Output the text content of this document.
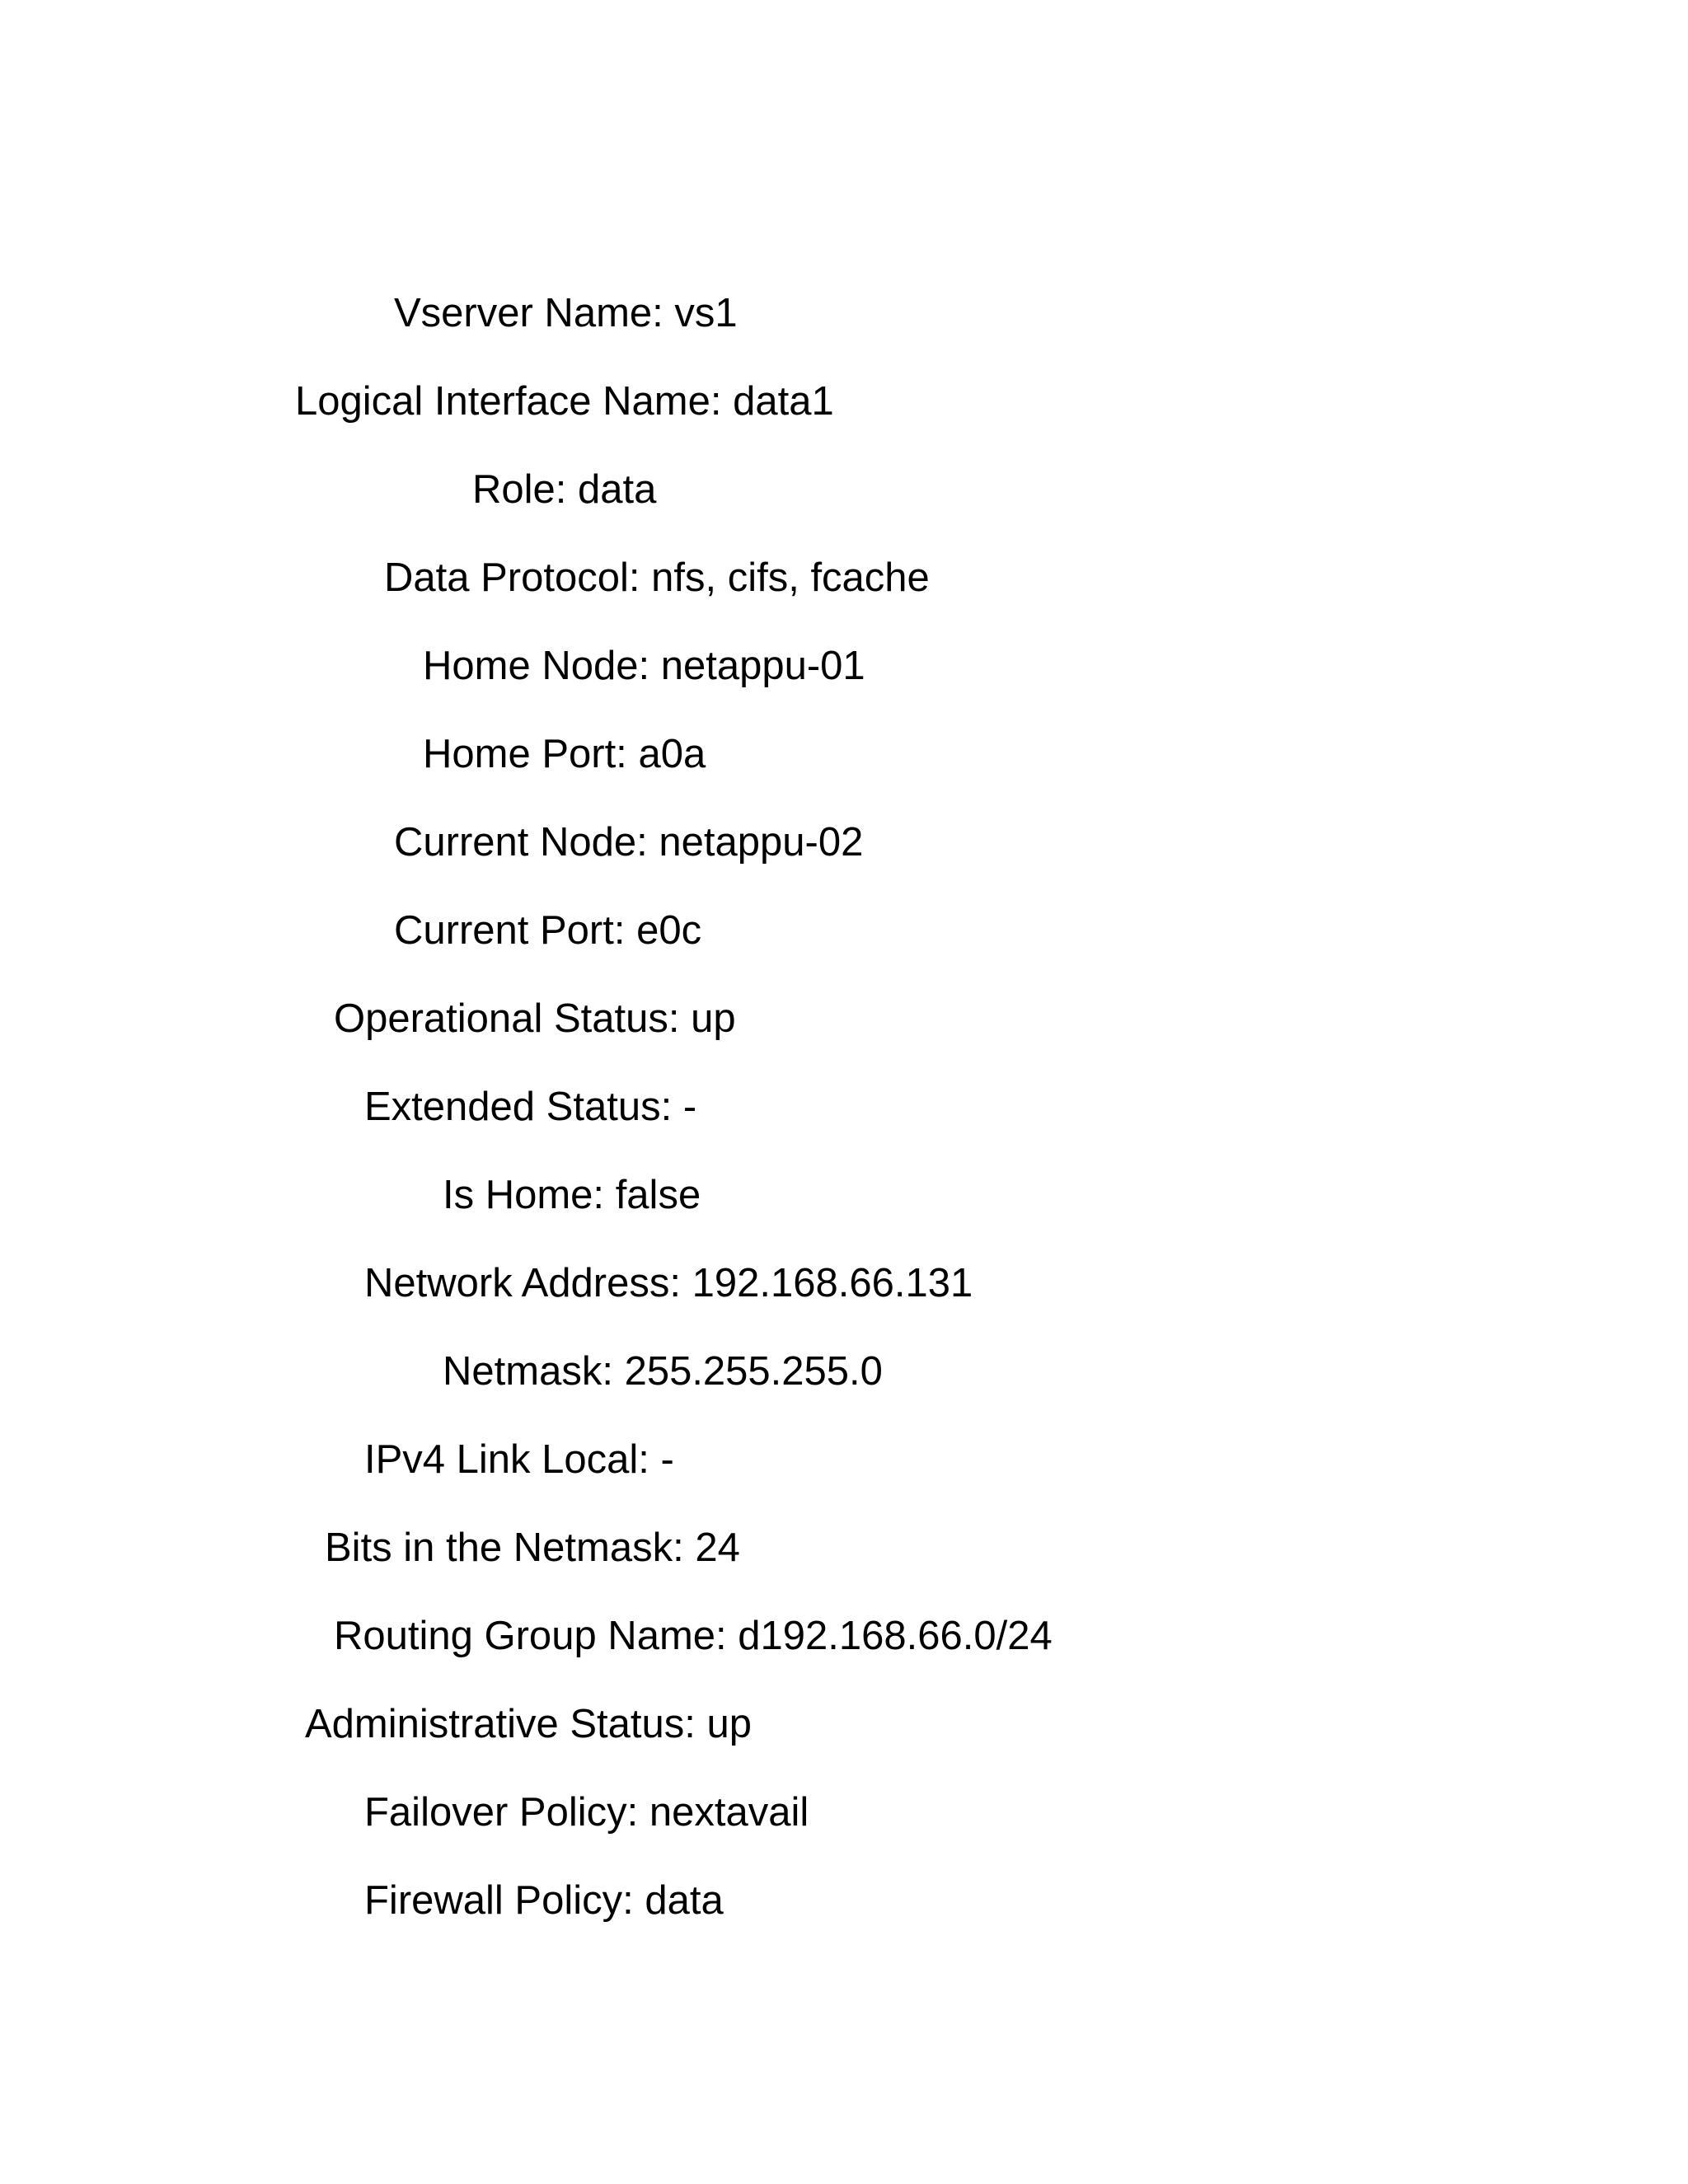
Vserver Name: vs1
Logical Interface Name: data1
Role: data
Data Protocol: nfs, cifs, fcache
Home Node: netappu-01
Home Port: a0a
Current Node: netappu-02
Current Port: e0c
Operational Status: up
Extended Status: -
Is Home: false
Network Address: 192.168.66.131
Netmask: 255.255.255.0
IPv4 Link Local: -
Bits in the Netmask: 24
Routing Group Name: d192.168.66.0/24
Administrative Status: up
Failover Policy: nextavail
Firewall Policy: data
